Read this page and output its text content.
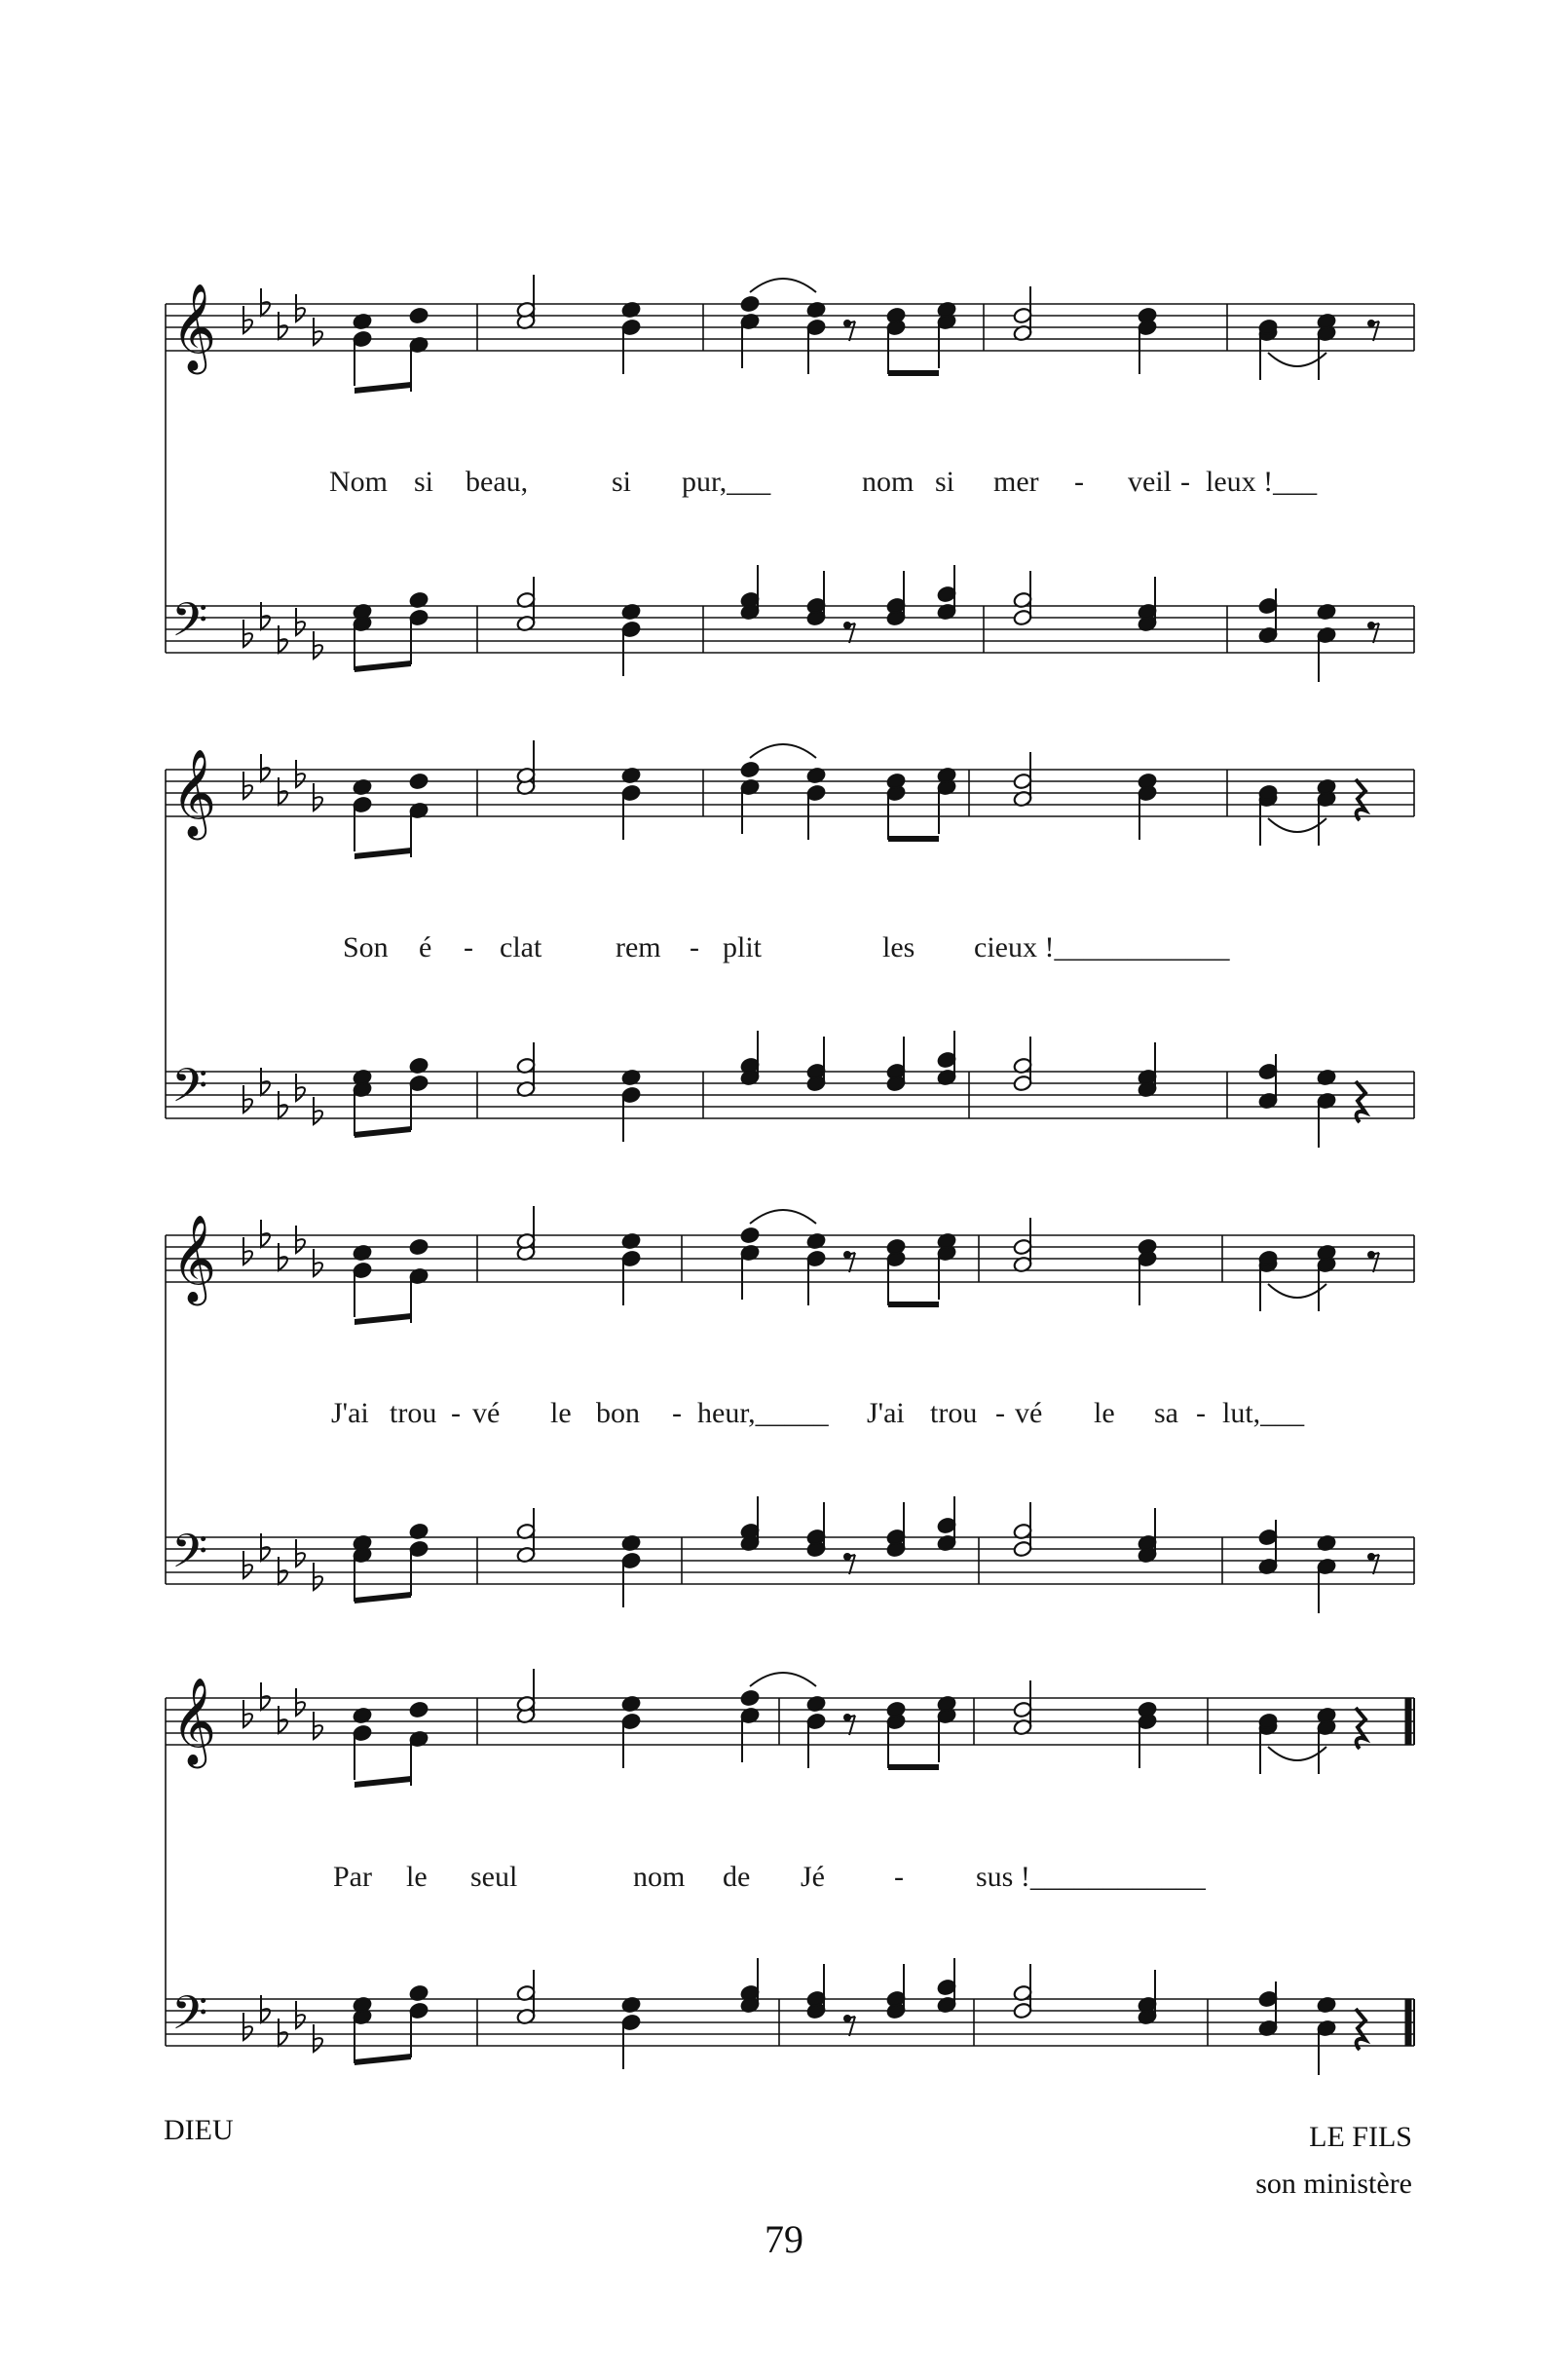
𝄞
𝄢
𝄞
𝄢
𝄞
𝄢
𝄞
𝄢
Nom si beau,	si pur,___	nom si mer - veil - leux !___
Son é - clat	rem - plit	les cieux !____________
J'ai trou - vé le bon - heur,_____ J'ai trou - vé le sa - lut,___
Par le seul	nom de Jé - sus !____________
DIEU	LE FILS
son ministère
79
